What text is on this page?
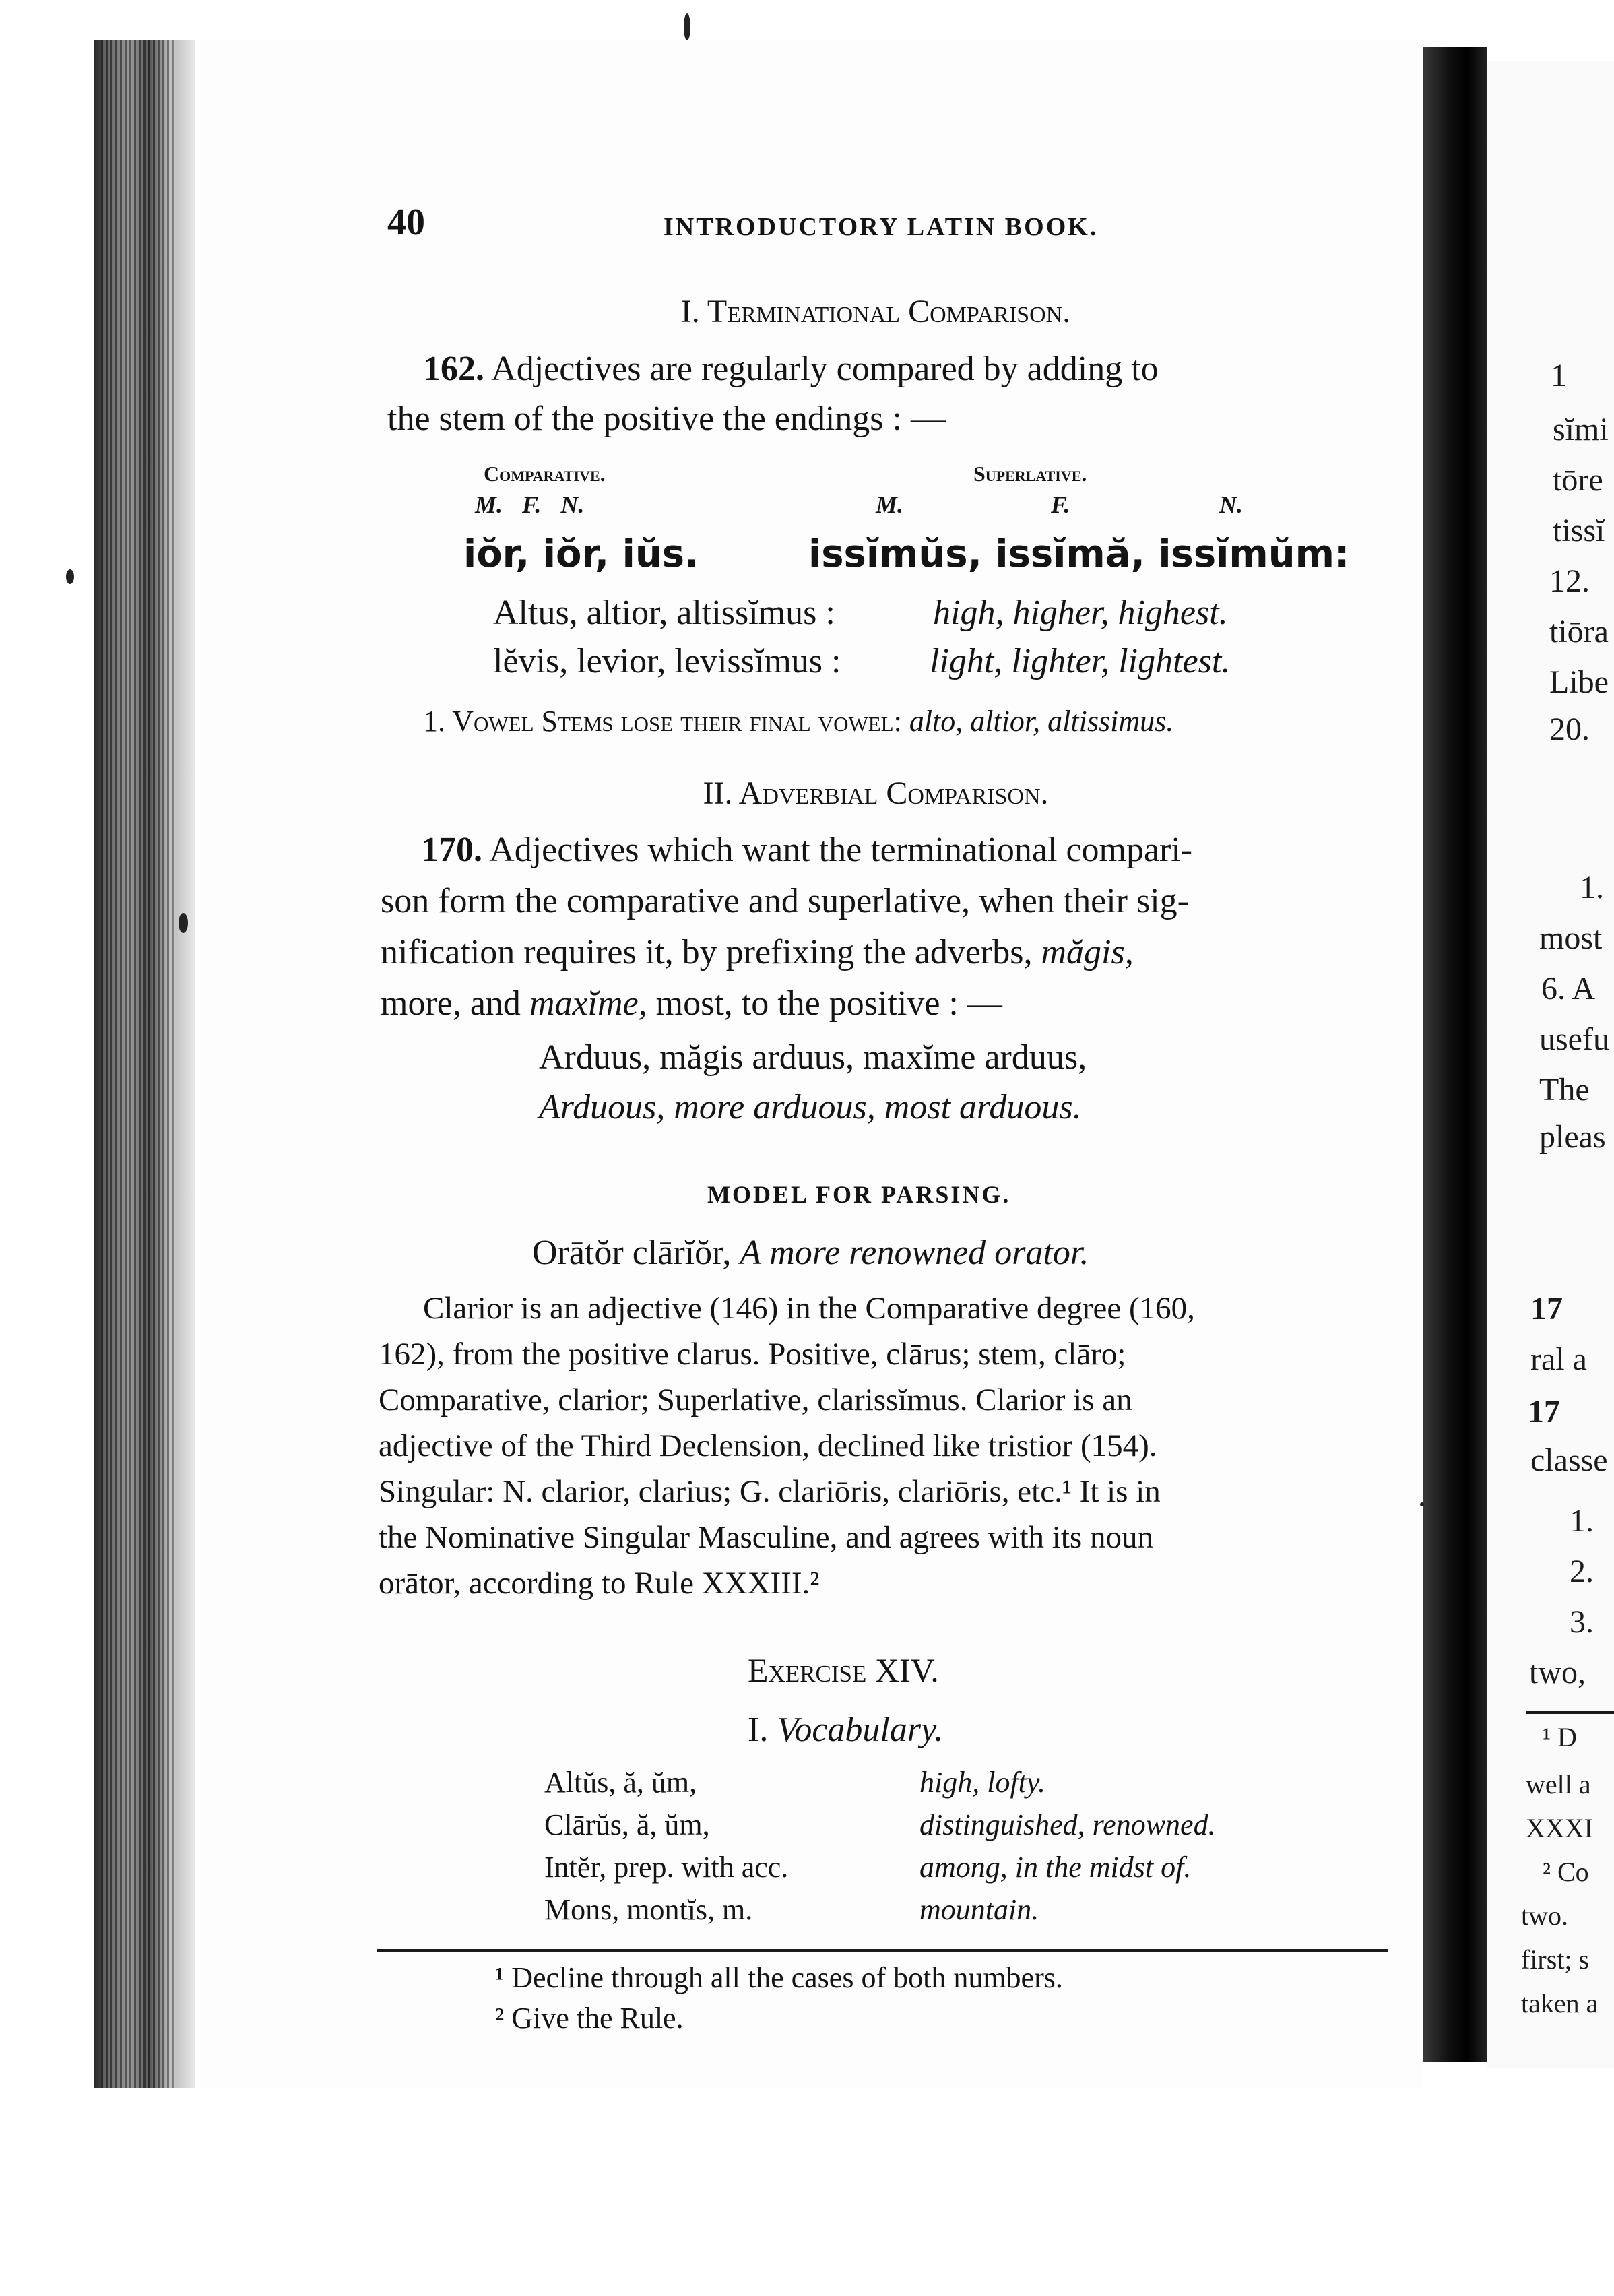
40	INTRODUCTORY LATIN BOOK.
I. Terminational Comparison.
162. Adjectives are regularly compared by adding to
the stem of the positive the endings : —
Comparative.	Superlative.
M. F. N.	M.	F.	N.
iŏr, iŏr, iŭs.	issĭmŭs, issĭmă, issĭmŭm:
Altus, altior, altissĭmus :	high, higher, highest.
lĕvis, levior, levissĭmus :	light, lighter, lightest.
1. Vowel Stems lose their final vowel: alto, altior, altissimus.
II. Adverbial Comparison.
170. Adjectives which want the terminational compari-
son form the comparative and superlative, when their sig-
nification requires it, by prefixing the adverbs, măgis,
more, and maxĭme, most, to the positive : —
Arduus, măgis arduus, maxĭme arduus,
Arduous, more arduous, most arduous.
MODEL FOR PARSING.
Orātŏr clārĭŏr, A more renowned orator.
Clarior is an adjective (146) in the Comparative degree (160,
162), from the positive clarus. Positive, clārus; stem, clāro;
Comparative, clarior; Superlative, clarissĭmus. Clarior is an
adjective of the Third Declension, declined like tristior (154).
Singular: N. clarior, clarius; G. clariōris, clariōris, etc.¹ It is in
the Nominative Singular Masculine, and agrees with its noun
orātor, according to Rule XXXIII.²
Exercise XIV.
I. Vocabulary.
Altŭs, ă, ŭm,	high, lofty.
Clārŭs, ă, ŭm,	distinguished, renowned.
Intĕr, prep. with acc.	among, in the midst of.
Mons, montĭs, m.	mountain.
¹ Decline through all the cases of both numbers.
² Give the Rule.
1
sĭmi
tōre
tissĭ
12.
tiōra
Libe
20.
1.
most
6. A
usefu
The
pleas
17
ral a
17
classe
1.
2.
3.
two,
¹ D
well a
XXXI
² Co
two.
first; s
taken a
